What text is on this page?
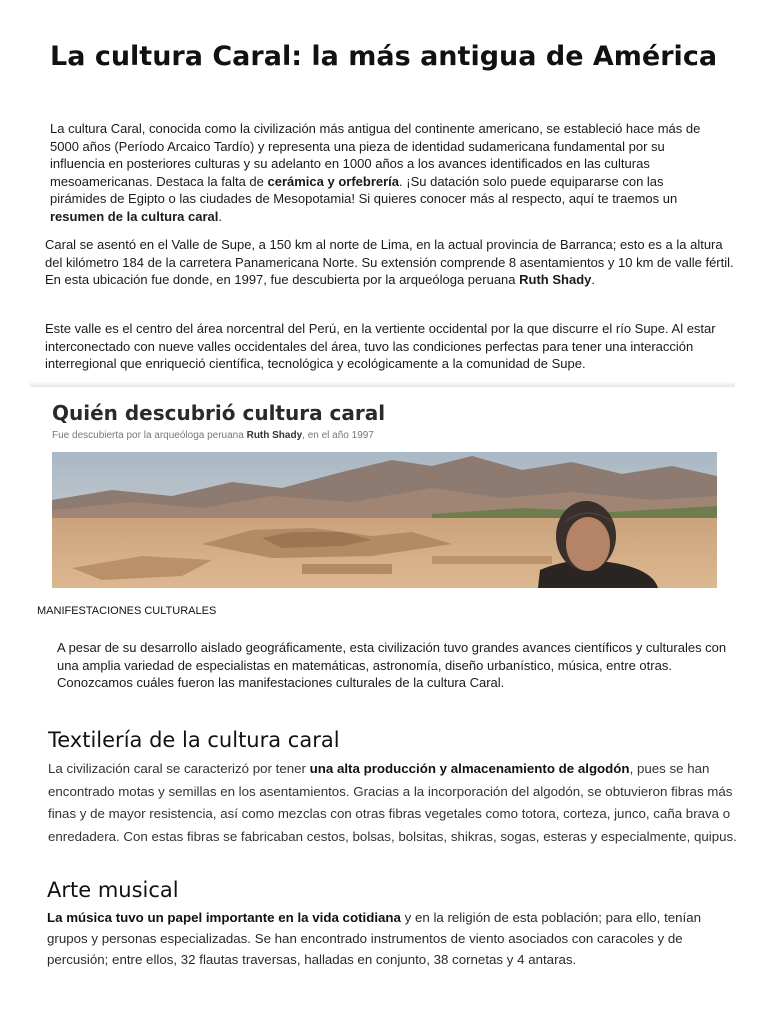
La cultura Caral: la más antigua de América

La cultura Caral, conocida como la civilización más antigua del continente americano, se estableció hace más de 5000 años (Período Arcaico Tardío) y representa una pieza de identidad sudamericana fundamental por su influencia en posteriores culturas y su adelanto en 1000 años a los avances identificados en las culturas mesoamericanas. Destaca la falta de cerámica y orfebrería. ¡Su datación solo puede equipararse con las pirámides de Egipto o las ciudades de Mesopotamia! Si quieres conocer más al respecto, aquí te traemos un resumen de la cultura caral.

Caral se asentó en el Valle de Supe, a 150 km al norte de Lima, en la actual provincia de Barranca; esto es a la altura del kilómetro 184 de la carretera Panamericana Norte. Su extensión comprende 8 asentamientos y 10 km de valle fértil. En esta ubicación fue donde, en 1997, fue descubierta por la arqueóloga peruana Ruth Shady.

Este valle es el centro del área norcentral del Perú, en la vertiente occidental por la que discurre el río Supe. Al estar interconectado con nueve valles occidentales del área, tuvo las condiciones perfectas para tener una interacción interregional que enriqueció científica, tecnológica y ecológicamente a la comunidad de Supe.

Quién descubrió cultura caral

Fue descubierta por la arqueóloga peruana Ruth Shady, en el año 1997

MANIFESTACIONES CULTURALES

A pesar de su desarrollo aislado geográficamente, esta civilización tuvo grandes avances científicos y culturales con una amplia variedad de especialistas en matemáticas, astronomía, diseño urbanístico, música, entre otras. Conozcamos cuáles fueron las manifestaciones culturales de la cultura Caral.

Textilería de la cultura caral

La civilización caral se caracterizó por tener una alta producción y almacenamiento de algodón, pues se han encontrado motas y semillas en los asentamientos. Gracias a la incorporación del algodón, se obtuvieron fibras más finas y de mayor resistencia, así como mezclas con otras fibras vegetales como totora, corteza, junco, caña brava o enredadera. Con estas fibras se fabricaban cestos, bolsas, bolsitas, shikras, sogas, esteras y especialmente, quipus.

Arte musical

La música tuvo un papel importante en la vida cotidiana y en la religión de esta población; para ello, tenían grupos y personas especializadas. Se han encontrado instrumentos de viento asociados con caracoles y de percusión; entre ellos, 32 flautas traversas, halladas en conjunto, 38 cornetas y 4 antaras.
